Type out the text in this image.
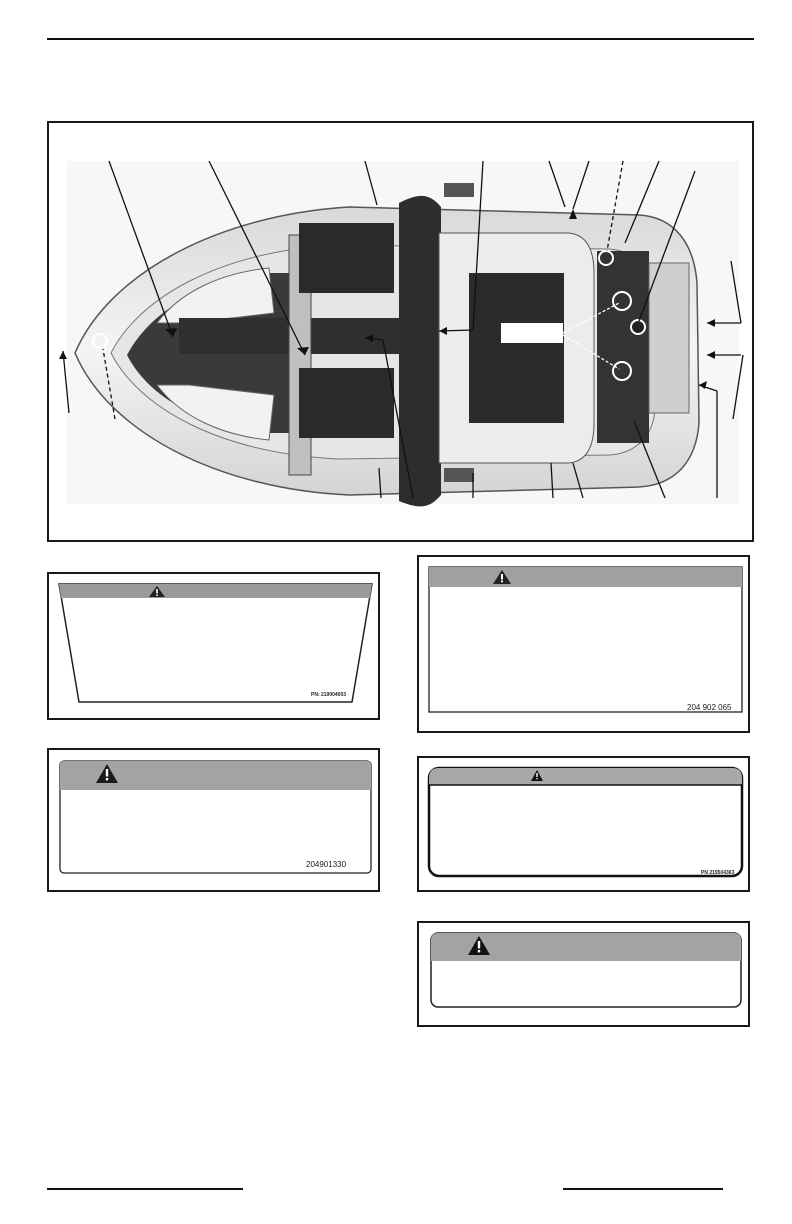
PN: 219004003
204 902 065
204901330
PN 219504363
